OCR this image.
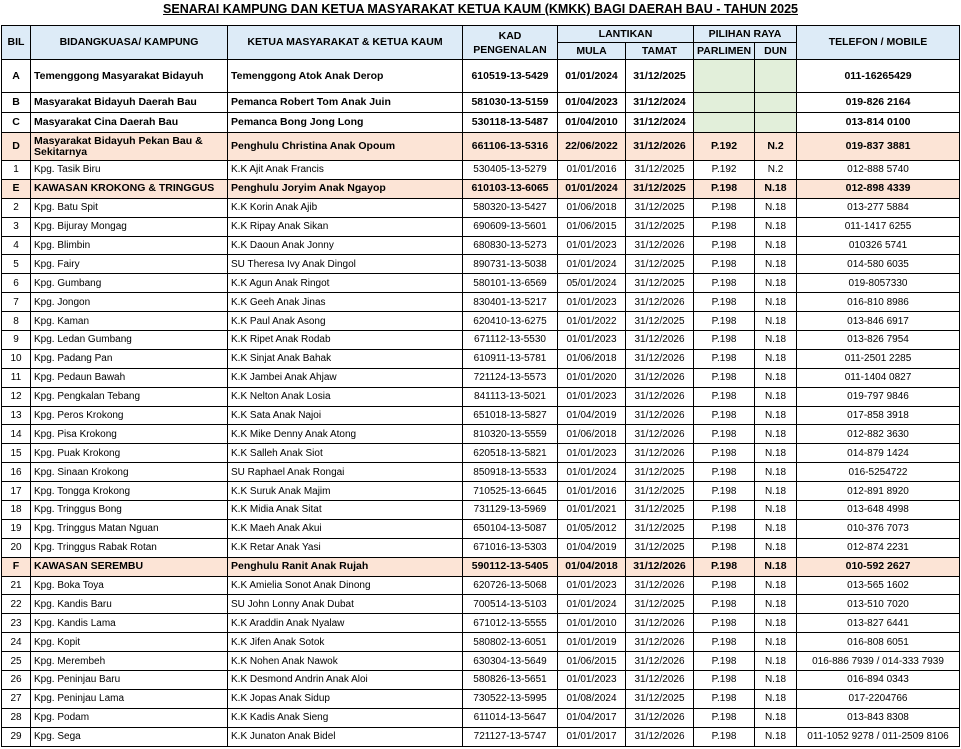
SENARAI KAMPUNG DAN KETUA MASYARAKAT KETUA KAUM (KMKK) BAGI DAERAH BAU - TAHUN 2025
BIL	BIDANGKUASA/ KAMPUNG	KETUA MASYARAKAT & KETUA KAUM	KAD PENGENALAN	LANTIKAN		PILIHAN RAYA		TELEFON / MOBILE
				MULA	TAMAT	PARLIMEN	DUN	
A	Temenggong Masyarakat Bidayuh	Temenggong Atok Anak Derop	610519-13-5429	01/01/2024	31/12/2025			011-16265429
B	Masyarakat Bidayuh Daerah Bau	Pemanca Robert Tom Anak Juin	581030-13-5159	01/04/2023	31/12/2024			019-826 2164
C	Masyarakat Cina Daerah Bau	Pemanca Bong Jong Long	530118-13-5487	01/04/2010	31/12/2024			013-814 0100
D	Masyarakat Bidayuh Pekan Bau & Sekitarnya	Penghulu Christina Anak Opoum	661106-13-5316	22/06/2022	31/12/2026	P.192	N.2	019-837 3881
1	Kpg. Tasik Biru	K.K Ajit Anak Francis	530405-13-5279	01/01/2016	31/12/2025	P.192	N.2	012-888 5740
E	KAWASAN KROKONG & TRINGGUS	Penghulu Joryim Anak Ngayop	610103-13-6065	01/01/2024	31/12/2025	P.198	N.18	012-898 4339
2	Kpg. Batu Spit	K.K Korin Anak Ajib	580320-13-5427	01/06/2018	31/12/2025	P.198	N.18	013-277 5884
3	Kpg. Bijuray Mongag	K.K Ripay Anak Sikan	690609-13-5601	01/06/2015	31/12/2025	P.198	N.18	011-1417 6255
4	Kpg. Blimbin	K.K Daoun Anak Jonny	680830-13-5273	01/01/2023	31/12/2026	P.198	N.18	010326 5741
5	Kpg. Fairy	SU Theresa Ivy Anak Dingol	890731-13-5038	01/01/2024	31/12/2025	P.198	N.18	014-580 6035
6	Kpg. Gumbang	K.K Agun Anak Ringot	580101-13-6569	05/01/2024	31/12/2025	P.198	N.18	019-8057330
7	Kpg. Jongon	K.K Geeh Anak Jinas	830401-13-5217	01/01/2023	31/12/2026	P.198	N.18	016-810 8986
8	Kpg. Kaman	K.K Paul Anak Asong	620410-13-6275	01/01/2022	31/12/2025	P.198	N.18	013-846 6917
9	Kpg. Ledan Gumbang	K.K Ripet Anak Rodab	671112-13-5530	01/01/2023	31/12/2026	P.198	N.18	013-826 7954
10	Kpg. Padang Pan	K.K Sinjat Anak Bahak	610911-13-5781	01/06/2018	31/12/2026	P.198	N.18	011-2501 2285
11	Kpg. Pedaun Bawah	K.K Jambei Anak Ahjaw	721124-13-5573	01/01/2020	31/12/2026	P.198	N.18	011-1404 0827
12	Kpg. Pengkalan Tebang	K.K Nelton Anak Losia	841113-13-5021	01/01/2023	31/12/2026	P.198	N.18	019-797 9846
13	Kpg. Peros Krokong	K.K Sata Anak Najoi	651018-13-5827	01/04/2019	31/12/2026	P.198	N.18	017-858 3918
14	Kpg. Pisa Krokong	K.K Mike Denny Anak Atong	810320-13-5559	01/06/2018	31/12/2026	P.198	N.18	012-882 3630
15	Kpg. Puak Krokong	K.K Salleh Anak Siot	620518-13-5821	01/01/2023	31/12/2026	P.198	N.18	014-879 1424
16	Kpg. Sinaan Krokong	SU Raphael Anak Rongai	850918-13-5533	01/01/2024	31/12/2025	P.198	N.18	016-5254722
17	Kpg. Tongga Krokong	K.K Suruk Anak Majim	710525-13-6645	01/01/2016	31/12/2025	P.198	N.18	012-891 8920
18	Kpg. Tringgus Bong	K.K Midia Anak Sitat	731129-13-5969	01/01/2021	31/12/2025	P.198	N.18	013-648 4998
19	Kpg. Tringgus Matan Nguan	K.K Maeh Anak Akui	650104-13-5087	01/05/2012	31/12/2025	P.198	N.18	010-376 7073
20	Kpg. Tringgus Rabak Rotan	K.K Retar Anak Yasi	671016-13-5303	01/04/2019	31/12/2025	P.198	N.18	012-874 2231
F	KAWASAN SEREMBU	Penghulu Ranit Anak Rujah	590112-13-5405	01/04/2018	31/12/2026	P.198	N.18	010-592 2627
21	Kpg. Boka Toya	K.K Amielia Sonot Anak Dinong	620726-13-5068	01/01/2023	31/12/2026	P.198	N.18	013-565 1602
22	Kpg. Kandis Baru	SU John Lonny Anak Dubat	700514-13-5103	01/01/2024	31/12/2025	P.198	N.18	013-510 7020
23	Kpg. Kandis Lama	K.K Araddin Anak Nyalaw	671012-13-5555	01/01/2010	31/12/2026	P.198	N.18	013-827 6441
24	Kpg. Kopit	K.K Jifen Anak Sotok	580802-13-6051	01/01/2019	31/12/2026	P.198	N.18	016-808 6051
25	Kpg. Merembeh	K.K Nohen Anak Nawok	630304-13-5649	01/06/2015	31/12/2026	P.198	N.18	016-886 7939 / 014-333 7939
26	Kpg. Peninjau Baru	K.K Desmond Andrin Anak Aloi	580826-13-5651	01/01/2023	31/12/2026	P.198	N.18	016-894 0343
27	Kpg. Peninjau Lama	K.K Jopas Anak Sidup	730522-13-5995	01/08/2024	31/12/2025	P.198	N.18	017-2204766
28	Kpg. Podam	K.K Kadis Anak Sieng	611014-13-5647	01/04/2017	31/12/2026	P.198	N.18	013-843 8308
29	Kpg. Sega	K.K Junaton Anak Bidel	721127-13-5747	01/01/2017	31/12/2026	P.198	N.18	011-1052 9278 / 011-2509 8106
